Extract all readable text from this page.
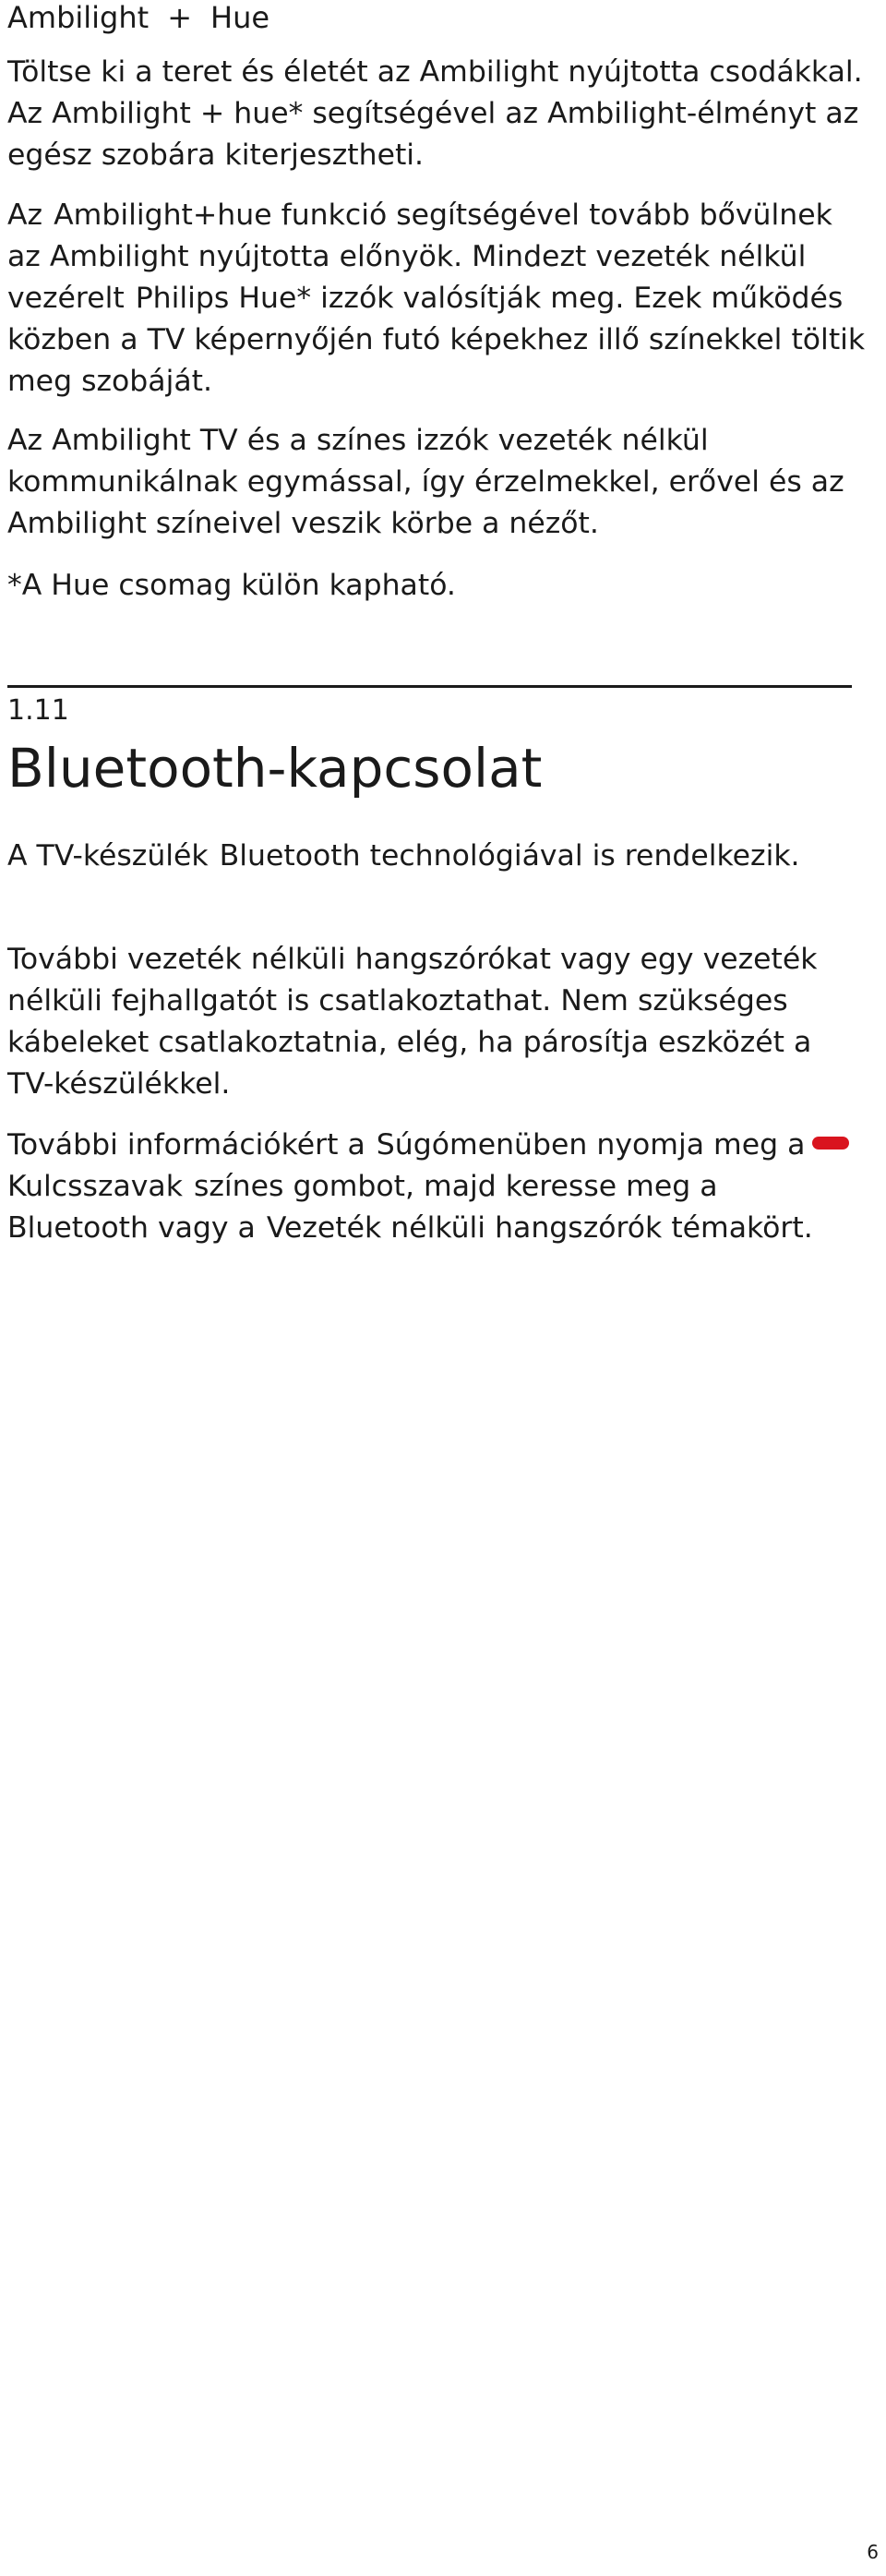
Ambilight + Hue

Töltse ki a teret és életét az Ambilight nyújtotta csodákkal. Az Ambilight + hue* segítségével az Ambilight-élményt az egész szobára kiterjesztheti.

Az Ambilight+hue funkció segítségével tovább bővülnek az Ambilight nyújtotta előnyök. Mindezt vezeték nélkül vezérelt Philips Hue* izzók valósítják meg. Ezek működés közben a TV képernyőjén futó képekhez illő színekkel töltik meg szobáját.

Az Ambilight TV és a színes izzók vezeték nélkül kommunikálnak egymással, így érzelmekkel, erővel és az Ambilight színeivel veszik körbe a nézőt.

*A Hue csomag külön kapható.

1.11
Bluetooth-kapcsolat

A TV-készülék Bluetooth technológiával is rendelkezik.

További vezeték nélküli hangszórókat vagy egy vezeték nélküli fejhallgatót is csatlakoztathat. Nem szükséges kábeleket csatlakoztatnia, elég, ha párosítja eszközét a TV-készülékkel.

További információkért a Súgómenüben nyomja meg aKulcsszavak színes gombot, majd keresse meg a Bluetooth vagy a Vezeték nélküli hangszórók témakört.

6
